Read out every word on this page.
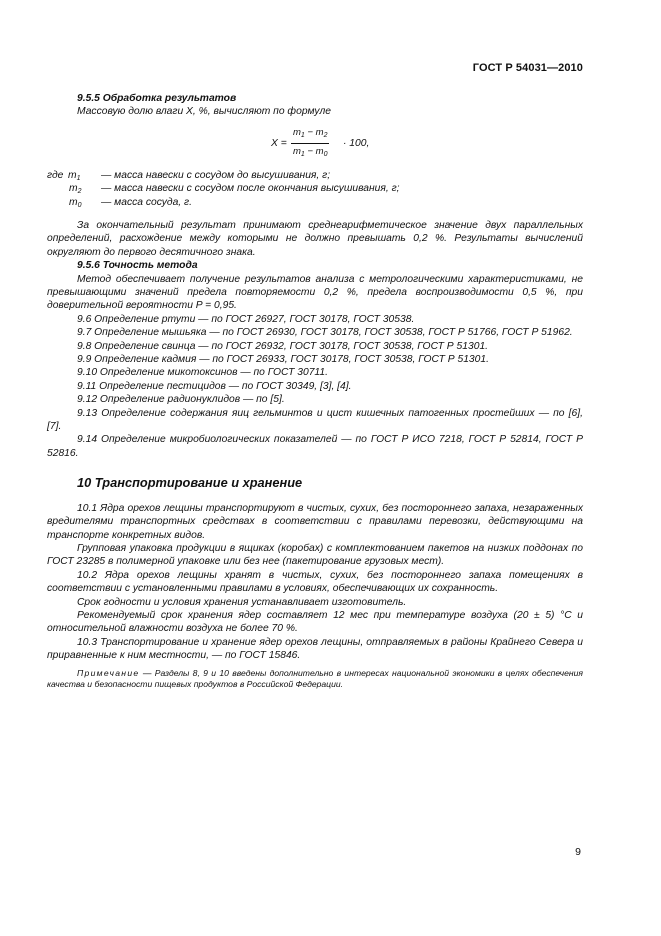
ГОСТ Р 54031—2010

9.5.5 Обработка результатов

Массовую долю влаги X, %, вычисляют по формуле

$X = \frac{m_1 - m_2}{m_1 - m_0} \cdot 100$,
где $m_1$ — масса навески с сосудом до высушивания, г;
$m_2$ — масса навески с сосудом после окончания высушивания, г;
$m_0$ — масса сосуда, г.

За окончательный результат принимают среднеарифметическое значение двух параллельных определений, расхождение между которыми не должно превышать 0,2 %. Результаты вычислений округляют до первого десятичного знака.

9.5.6 Точность метода

Метод обеспечивает получение результатов анализа с метрологическими характеристиками, не превышающими значений предела повторяемости 0,2 %, предела воспроизводимости 0,5 %, при доверительной вероятности P = 0,95.

9.6 Определение ртути — по ГОСТ 26927, ГОСТ 30178, ГОСТ 30538.

9.7 Определение мышьяка — по ГОСТ 26930, ГОСТ 30178, ГОСТ 30538, ГОСТ Р 51766, ГОСТ Р 51962.

9.8 Определение свинца — по ГОСТ 26932, ГОСТ 30178, ГОСТ 30538, ГОСТ Р 51301.

9.9 Определение кадмия — по ГОСТ 26933, ГОСТ 30178, ГОСТ 30538, ГОСТ Р 51301.

9.10 Определение микотоксинов — по ГОСТ 30711.

9.11 Определение пестицидов — по ГОСТ 30349, [3], [4].

9.12 Определение радионуклидов — по [5].

9.13 Определение содержания яиц гельминтов и цист кишечных патогенных простейших — по [6], [7].

9.14 Определение микробиологических показателей — по ГОСТ Р ИСО 7218, ГОСТ Р 52814, ГОСТ Р 52816.

10 Транспортирование и хранение

10.1 Ядра орехов лещины транспортируют в чистых, сухих, без постороннего запаха, незараженных вредителями транспортных средствах в соответствии с правилами перевозки, действующими на транспорте конкретных видов.

Групповая упаковка продукции в ящиках (коробах) с комплектованием пакетов на низких поддонах по ГОСТ 23285 в полимерной упаковке или без нее (пакетирование грузовых мест).

10.2 Ядра орехов лещины хранят в чистых, сухих, без постороннего запаха помещениях в соответствии с установленными правилами в условиях, обеспечивающих их сохранность.

Срок годности и условия хранения устанавливает изготовитель.

Рекомендуемый срок хранения ядер составляет 12 мес при температуре воздуха (20 ± 5) °С и относительной влажности воздуха не более 70 %.

10.3 Транспортирование и хранение ядер орехов лещины, отправляемых в районы Крайнего Севера и приравненные к ним местности, — по ГОСТ 15846.

Примечание — Разделы 8, 9 и 10 введены дополнительно в интересах национальной экономики в целях обеспечения качества и безопасности пищевых продуктов в Российской Федерации.

9
